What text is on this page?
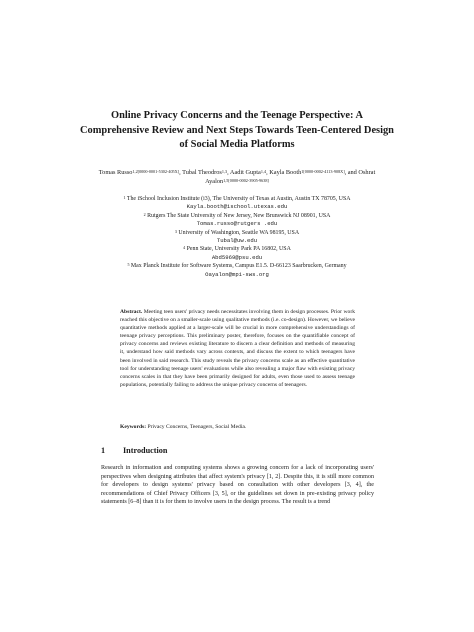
Online Privacy Concerns and the Teenage Perspective: A Comprehensive Review and Next Steps Towards Teen-Centered Design of Social Media Platforms
Tomas Russo$^{1,2[0000-0001-5302-405X]}$, Tubal Theodros$^{1,3}$, Aadit Gupta$^{1,4}$, Kayla Booth$^{1[0000-0002-4113-908X]}$, and Oshrat Ayalon$^{1,5[0000-0002-3905-9638]}$
$^1$ The iSchool Inclusion Institute (i3), The University of Texas at Austin, Austin TX 78705, USA
Kayla.booth@ischool.utexas.edu
$^2$ Rutgers The State University of New Jersey, New Brunswick NJ 08901, USA
Tomas.russo@rutgers .edu
$^3$ University of Washington, Seattle WA 98195, USA
Tubal@uw.edu
$^4$ Penn State, University Park PA 16802, USA
Abd5969@psu.edu
$^5$ Max Planck Institute for Software Systems, Campus E1.5. D-66123 Saarbrucken, Germany
Oayalon@mpi-sws.org
Abstract. Meeting teen users' privacy needs necessitates involving them in design processes. Prior work reached this objective on a smaller-scale using qualitative methods (i.e. co-design). However, we believe quantitative methods applied at a larger-scale will be crucial in more comprehensive understandings of teenage privacy perceptions. This preliminary poster, therefore, focuses on the quantifiable concept of privacy concerns and reviews existing literature to discern a clear definition and methods of measuring it, understand how said methods vary across contexts, and discuss the extent to which teenagers have been involved in said research. This study reveals the privacy concerns scale as an effective quantitative tool for understanding teenage users' evaluations while also revealing a major flaw with existing privacy concerns scales in that they have been primarily designed for adults, even those used to assess teenage populations, potentially failing to address the unique privacy concerns of teenagers.
Keywords: Privacy Concerns, Teenagers, Social Media.
1 Introduction
Research in information and computing systems shows a growing concern for a lack of incorporating users' perspectives when designing attributes that affect system's privacy [1, 2]. Despite this, it is still more common for developers to design systems' privacy based on consultation with other developers [3, 4], the recommendations of Chief Privacy Officers [3, 5], or the guidelines set down in pre-existing privacy policy statements [6–8] than it is for them to involve users in the design process. The result is a trend
